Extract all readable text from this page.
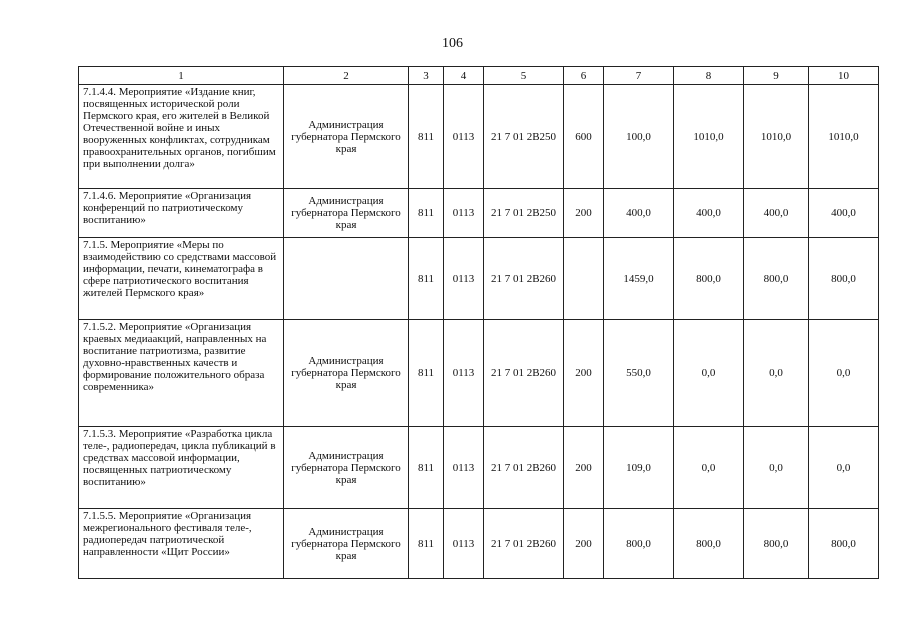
106
1	2	3	4	5	6	7	8	9	10
7.1.4.4. Мероприятие «Издание книг, посвященных исторической роли Пермского края, его жителей в Великой Отечественной войне и иных вооруженных конфликтах, сотрудникам правоохранительных органов, погибшим при выполнении долга»	Администрация губернатора Пермского края	811	0113	21 7 01 2B250	600	100,0	1010,0	1010,0	1010,0
7.1.4.6. Мероприятие «Организация конференций по патриотическому воспитанию»	Администрация губернатора Пермского края	811	0113	21 7 01 2B250	200	400,0	400,0	400,0	400,0
7.1.5. Мероприятие «Меры по взаимодействию со средствами массовой информации, печати, кинематографа в сфере патриотического воспитания жителей Пермского края»		811	0113	21 7 01 2B260		1459,0	800,0	800,0	800,0
7.1.5.2. Мероприятие «Организация краевых медиаакций, направленных на воспитание патриотизма, развитие духовно-нравственных качеств и формирование положительного образа современника»	Администрация губернатора Пермского края	811	0113	21 7 01 2B260	200	550,0	0,0	0,0	0,0
7.1.5.3. Мероприятие «Разработка цикла теле-, радиопередач, цикла публикаций в средствах массовой информации, посвященных патриотическому воспитанию»	Администрация губернатора Пермского края	811	0113	21 7 01 2B260	200	109,0	0,0	0,0	0,0
7.1.5.5. Мероприятие «Организация межрегионального фестиваля теле-, радиопередач патриотической направленности «Щит России»	Администрация губернатора Пермского края	811	0113	21 7 01 2B260	200	800,0	800,0	800,0	800,0
